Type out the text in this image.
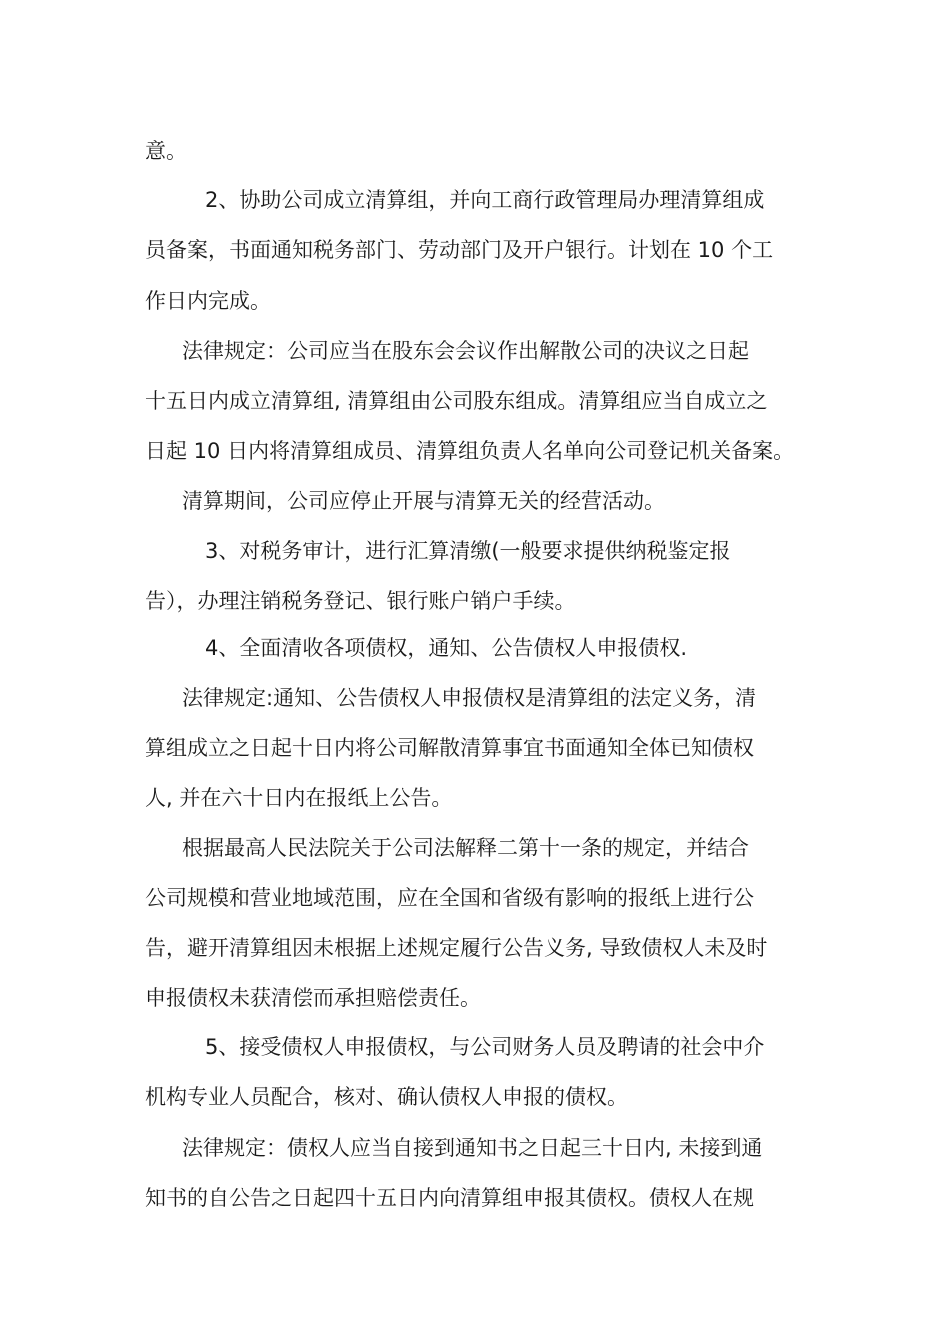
意。
2、协助公司成立清算组，并向工商行政管理局办理清算组成
员备案，书面通知税务部门、劳动部门及开户银行。计划在 10 个工
作日内完成。
法律规定：公司应当在股东会会议作出解散公司的决议之日起
十五日内成立清算组, 清算组由公司股东组成。清算组应当自成立之
日起 10 日内将清算组成员、清算组负责人名单向公司登记机关备案。
清算期间，公司应停止开展与清算无关的经营活动。
3、对税务审计，进行汇算清缴(一般要求提供纳税鉴定报
告），办理注销税务登记、银行账户销户手续。
4、全面清收各项债权，通知、公告债权人申报债权.
法律规定:通知、公告债权人申报债权是清算组的法定义务，清
算组成立之日起十日内将公司解散清算事宜书面通知全体已知债权
人, 并在六十日内在报纸上公告。
根据最高人民法院关于公司法解释二第十一条的规定，并结合
公司规模和营业地域范围，应在全国和省级有影响的报纸上进行公
告，避开清算组因未根据上述规定履行公告义务, 导致债权人未及时
申报债权未获清偿而承担赔偿责任。
5、接受债权人申报债权，与公司财务人员及聘请的社会中介
机构专业人员配合，核对、确认债权人申报的债权。
法律规定：债权人应当自接到通知书之日起三十日内, 未接到通
知书的自公告之日起四十五日内向清算组申报其债权。债权人在规
